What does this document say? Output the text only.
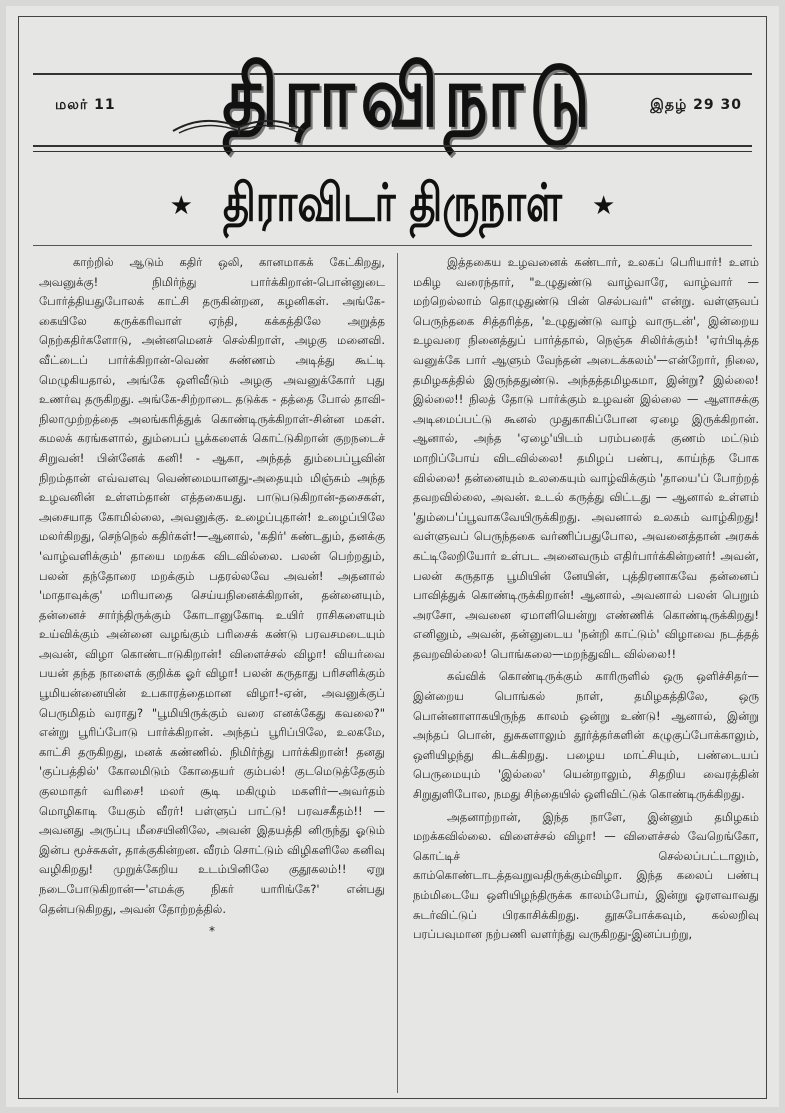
மலர் 11 திராவிநாடு	இதழ் 29 30
★ திராவிடர் திருநாள் ★

காற்றில் ஆடும் கதிர் ஒலி, கானமாகக் கேட்கிறது, அவனுக்கு! நிமிர்ந்து பார்க்கிறான்-பொன்னுடை போர்த்தியதுபோலக் காட்சி தருகின்றன, கழனிகள். அங்கே-கையிலே கருக்கரிவாள் ஏந்தி, கக்கத்திலே அறுத்த நெற்கதிர்களோடு, அன்னமெனச் செல்கிறாள், அழகு மனைவி. வீட்டைப் பார்க்கிறான்-வெண் சுண்ணம் அடித்து கூட்டி மெழுகியதால், அங்கே ஒளிவீடும் அழகு அவனுக்கோர் புது உணர்வு தருகிறது. அங்கே-சிற்றாடை தடுக்க - தத்தை போல் தாவி-நிலாமுற்றத்தை அலங்கரித்துக் கொண்டிருக்கிறாள்-சின்ன மகள். கமலக் கரங்களால், தும்பைப் பூக்களைக் கொட்டுகிறான் குறநடைச் சிறுவன்! பின்னேக் கனி! - ஆகா, அந்தத் தும்பைப்பூவின் நிறம்தான் எவ்வளவு வெண்மையானது-அதையும் மிஞ்சும் அந்த உழவனின் உள்ளம்தான் எத்தகையது. பாடுபடுகிறான்-தசைகள், அசையாத கோமில்லை, அவனுக்கு. உழைப்புதான்! உழைப்பிலே மலர்கிறது, செந்நெல் கதிர்கள்!—ஆனால், 'கதிர்' கண்டதும், தனக்கு 'வாழ்வளிக்கும்' தாயை மறக்க விடவில்லை. பலன் பெற்றதும், பலன் தந்தோரை மறக்கும் பதரல்லவே அவன்! அதனால் 'மாதாவுக்கு' மரியாதை செய்யநினைக்கிறான், தன்னையும், தன்னைச் சார்ந்திருக்கும் கோடானுகோடி உயிர் ராசிகளையும் உய்விக்கும் அன்னை வழங்கும் பரிசைக் கண்டு பரவசமடையும் அவன், விழா கொண்டாடுகிறான்! விளைச்சல் விழா! வியர்வை பயன் தந்த நாளைக் குறிக்க ஓர் விழா! பலன் கருதாது பரிசளிக்கும் பூமியன்னையின் உபகாரத்தைமான விழா!-ஏன், அவனுக்குப் பெருமிதம் வராது? "பூமியிருக்கும் வரை எனக்கேது கவலை?" என்று பூரிப்போடு பார்க்கிறான். அந்தப் பூரிப்பிலே, உலகமே, காட்சி தருகிறது, மனக் கண்ணில். நிமிர்ந்து பார்க்கிறான்! தனது 'குப்பத்தில்' கோலமிடும் கோதையர் கும்பல்! குடமெடுத்தேகும் குலமாதர் வரிசை! மலர் சூடி மகிழும் மகளிர்—அவர்தம் மொழிகாடி யேகும் வீரர்! பள்ளுப் பாட்டு! பரவசகீதம்!! — அவனது அருப்பு மீசையினிலே, அவன் இதயத்தி னிருந்து ஓடும் இன்ப மூச்சுகள், தாக்குகின்றன. வீரம் சொட்டும் விழிகளிலே கனிவு வழிகிறது! முறுக்கேறிய உடம்பினிலே குதூகலம்!! ஏறு நடைபோடுகிறான்—'எமக்கு நிகர் யாரிங்கே?' என்பது தென்படுகிறது, அவன் தோற்றத்தில்.

*

இத்தகைய உழவனைக் கண்டார், உலகப் பெரியார்! உளம் மகிழ வரைந்தார், "உழுதுண்டு வாழ்வாரே, வாழ்வார் — மற்றெல்லாம் தொழுதுண்டு பின் செல்பவர்" என்று. வள்ளுவப் பெருந்தகை சித்தரித்த, 'உழுதுண்டு வாழ் வாருடன்', இன்றைய உழவரை நினைத்துப் பார்த்தால், நெஞ்சு சிலிர்க்கும்! 'ஏர்பிடித்த வனுக்கே பார் ஆளும் வேந்தன் அடைக்கலம்'—என்றோர், நிலை, தமிழகத்தில் இருந்ததுண்டு. அந்தத்தமிழகமா, இன்று? இல்லை! இல்லை!! நிலத் தோடு பார்க்கும் உழவன் இல்லை — ஆளாசக்கு அடிமைப்பட்டு கூனல் முதுகாகிப்போன ஏழை இருக்கிறான். ஆனால், அந்த 'ஏழை'யிடம் பரம்பரைக் குணம் மட்டும் மாறிப்போய் விடவில்லை! தமிழப் பண்பு, காய்ந்த போக வில்லை! தன்னையும் உலகையும் வாழ்விக்கும் 'தாயை'ப் போற்றத் தவறவில்லை, அவன். உடல் கருத்து விட்டது — ஆனால் உள்ளம் 'தும்பை'ப்பூவாகவேயிருக்கிறது. அவனால் உலகம் வாழ்கிறது! வள்ளுவப் பெருந்தகை வர்ணிப்பதுபோல, அவனைத்தான் அரசுக் கட்டிலேறியோர் உள்பட அனைவரும் எதிர்பார்க்கின்றனர்! அவன், பலன் கருதாத பூமியின் னேயின், புத்திரனாகவே தன்னைப் பாவித்துக் கொண்டிருக்கிறான்! ஆனால், அவனால் பலன் பெறும் அரசோ, அவனை ஏமாளியென்று எண்ணிக் கொண்டிருக்கிறது! எனினும், அவன், தன்னுடைய 'நன்றி காட்டும்' விழாவை நடத்தத் தவறவில்லை! பொங்கலை—மறந்துவிட வில்லை!!

கவ்விக் கொண்டிருக்கும் காரிருளில் ஒரு ஒளிச்சிதர்—இன்றைய பொங்கல் நாள், தமிழகத்திலே, ஒரு பொன்னாளாகயிருந்த காலம் ஒன்று உண்டு! ஆனால், இன்று அந்தப் பொன், துசுகளாலும் தூர்த்தர்களின் கழுகுப்போக்காலும், ஒளியிழந்து கிடக்கிறது. பழைய மாட்சியும், பண்டையப் பெருமையும் 'இல்லை' யென்றாலும், சிதறிய வைரத்தின் சிறுதுளிபோல, நமது சிந்தையில் ஒளிவிட்டுக் கொண்டிருக்கிறது.

அதனாற்றான், இந்த நாளே, இன்னும் தமிழகம் மறக்கவில்லை. விளைச்சல் விழா! — விளைச்சல் வேறெங்கோ, கொட்டிச் செல்லப்பட்டாலும், காம்கொண்டாடத்தவறுவதிருக்கும்விழா. இந்த கலைப் பண்பு நம்மிடையே ஒளியிழந்திருக்க காலம்போய், இன்று ஓரளவாவது சுடர்விட்டுப் பிரகாசிக்கிறது. தூசுபோக்கவும், கல்லறிவு பரப்பவுமான நற்பணி வளர்ந்து வருகிறது-இனப்பற்று,
